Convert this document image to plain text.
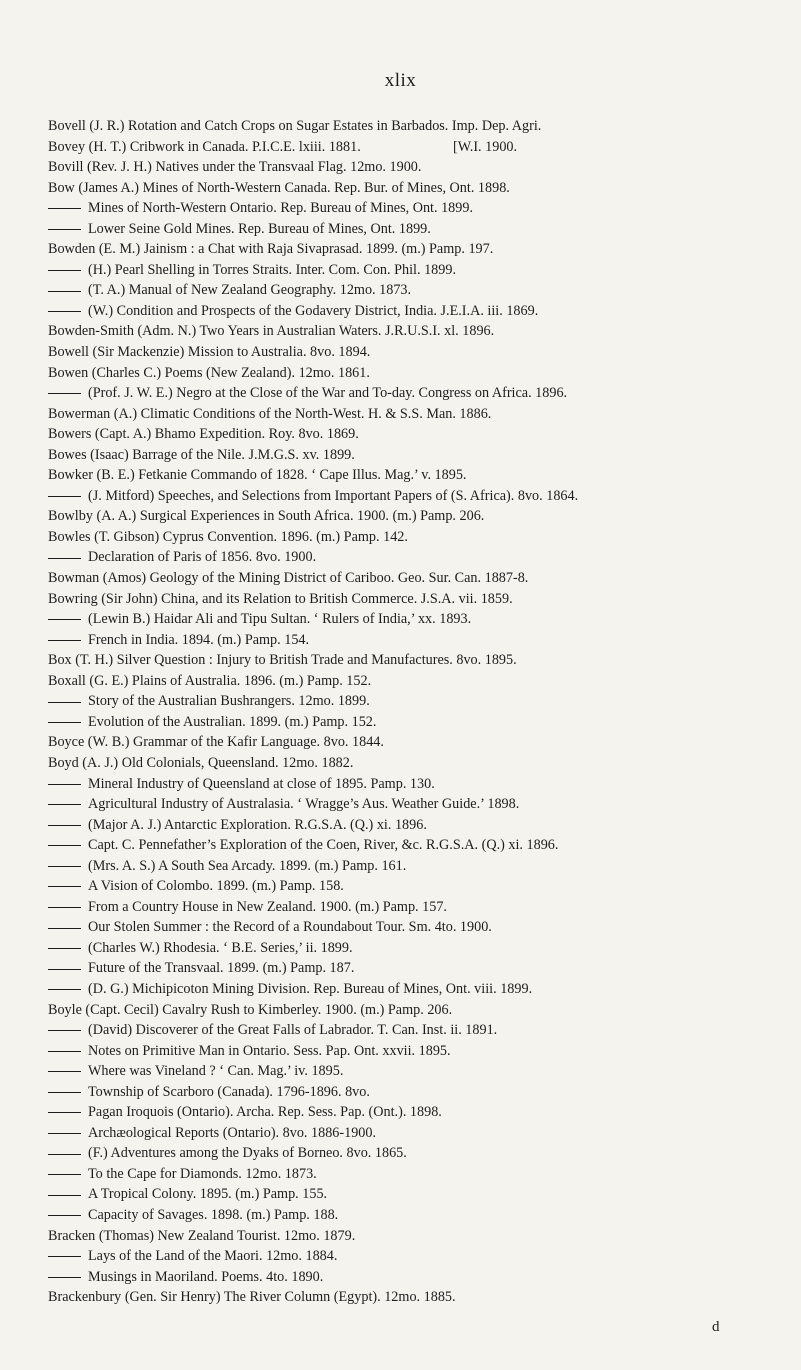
xlix
Bovell (J. R.) Rotation and Catch Crops on Sugar Estates in Barbados. Imp. Dep. Agri.
Bovey (H. T.) Cribwork in Canada. P.I.C.E. lxiii. 1881.                          [W.I. 1900.
Bovill (Rev. J. H.) Natives under the Transvaal Flag. 12mo. 1900.
Bow (James A.) Mines of North-Western Canada. Rep. Bur. of Mines, Ont. 1898.
Mines of North-Western Ontario. Rep. Bureau of Mines, Ont. 1899.
Lower Seine Gold Mines. Rep. Bureau of Mines, Ont. 1899.
Bowden (E. M.) Jainism : a Chat with Raja Sivaprasad. 1899. (m.) Pamp. 197.
(H.) Pearl Shelling in Torres Straits. Inter. Com. Con. Phil. 1899.
(T. A.) Manual of New Zealand Geography. 12mo. 1873.
(W.) Condition and Prospects of the Godavery District, India. J.E.I.A. iii. 1869.
Bowden-Smith (Adm. N.) Two Years in Australian Waters. J.R.U.S.I. xl. 1896.
Bowell (Sir Mackenzie) Mission to Australia. 8vo. 1894.
Bowen (Charles C.) Poems (New Zealand). 12mo. 1861.
(Prof. J. W. E.) Negro at the Close of the War and To-day. Congress on Africa. 1896.
Bowerman (A.) Climatic Conditions of the North-West. H. & S.S. Man. 1886.
Bowers (Capt. A.) Bhamo Expedition. Roy. 8vo. 1869.
Bowes (Isaac) Barrage of the Nile. J.M.G.S. xv. 1899.
Bowker (B. E.) Fetkanie Commando of 1828. ‘ Cape Illus. Mag.’ v. 1895.
(J. Mitford) Speeches, and Selections from Important Papers of (S. Africa). 8vo. 1864.
Bowlby (A. A.) Surgical Experiences in South Africa. 1900. (m.) Pamp. 206.
Bowles (T. Gibson) Cyprus Convention. 1896. (m.) Pamp. 142.
Declaration of Paris of 1856. 8vo. 1900.
Bowman (Amos) Geology of the Mining District of Cariboo. Geo. Sur. Can. 1887-8.
Bowring (Sir John) China, and its Relation to British Commerce. J.S.A. vii. 1859.
(Lewin B.) Haidar Ali and Tipu Sultan. ‘ Rulers of India,’ xx. 1893.
French in India. 1894. (m.) Pamp. 154.
Box (T. H.) Silver Question : Injury to British Trade and Manufactures. 8vo. 1895.
Boxall (G. E.) Plains of Australia. 1896. (m.) Pamp. 152.
Story of the Australian Bushrangers. 12mo. 1899.
Evolution of the Australian. 1899. (m.) Pamp. 152.
Boyce (W. B.) Grammar of the Kafir Language. 8vo. 1844.
Boyd (A. J.) Old Colonials, Queensland. 12mo. 1882.
Mineral Industry of Queensland at close of 1895. Pamp. 130.
Agricultural Industry of Australasia. ‘ Wragge’s Aus. Weather Guide.’ 1898.
(Major A. J.) Antarctic Exploration. R.G.S.A. (Q.) xi. 1896.
Capt. C. Pennefather’s Exploration of the Coen, River, &c. R.G.S.A. (Q.) xi. 1896.
(Mrs. A. S.) A South Sea Arcady. 1899. (m.) Pamp. 161.
A Vision of Colombo. 1899. (m.) Pamp. 158.
From a Country House in New Zealand. 1900. (m.) Pamp. 157.
Our Stolen Summer : the Record of a Roundabout Tour. Sm. 4to. 1900.
(Charles W.) Rhodesia. ‘ B.E. Series,’ ii. 1899.
Future of the Transvaal. 1899. (m.) Pamp. 187.
(D. G.) Michipicoton Mining Division. Rep. Bureau of Mines, Ont. viii. 1899.
Boyle (Capt. Cecil) Cavalry Rush to Kimberley. 1900. (m.) Pamp. 206.
(David) Discoverer of the Great Falls of Labrador. T. Can. Inst. ii. 1891.
Notes on Primitive Man in Ontario. Sess. Pap. Ont. xxvii. 1895.
Where was Vineland ? ‘ Can. Mag.’ iv. 1895.
Township of Scarboro (Canada). 1796-1896. 8vo.
Pagan Iroquois (Ontario). Archa. Rep. Sess. Pap. (Ont.). 1898.
Archæological Reports (Ontario). 8vo. 1886-1900.
(F.) Adventures among the Dyaks of Borneo. 8vo. 1865.
To the Cape for Diamonds. 12mo. 1873.
A Tropical Colony. 1895. (m.) Pamp. 155.
Capacity of Savages. 1898. (m.) Pamp. 188.
Bracken (Thomas) New Zealand Tourist. 12mo. 1879.
Lays of the Land of the Maori. 12mo. 1884.
Musings in Maoriland. Poems. 4to. 1890.
Brackenbury (Gen. Sir Henry) The River Column (Egypt). 12mo. 1885.
d
